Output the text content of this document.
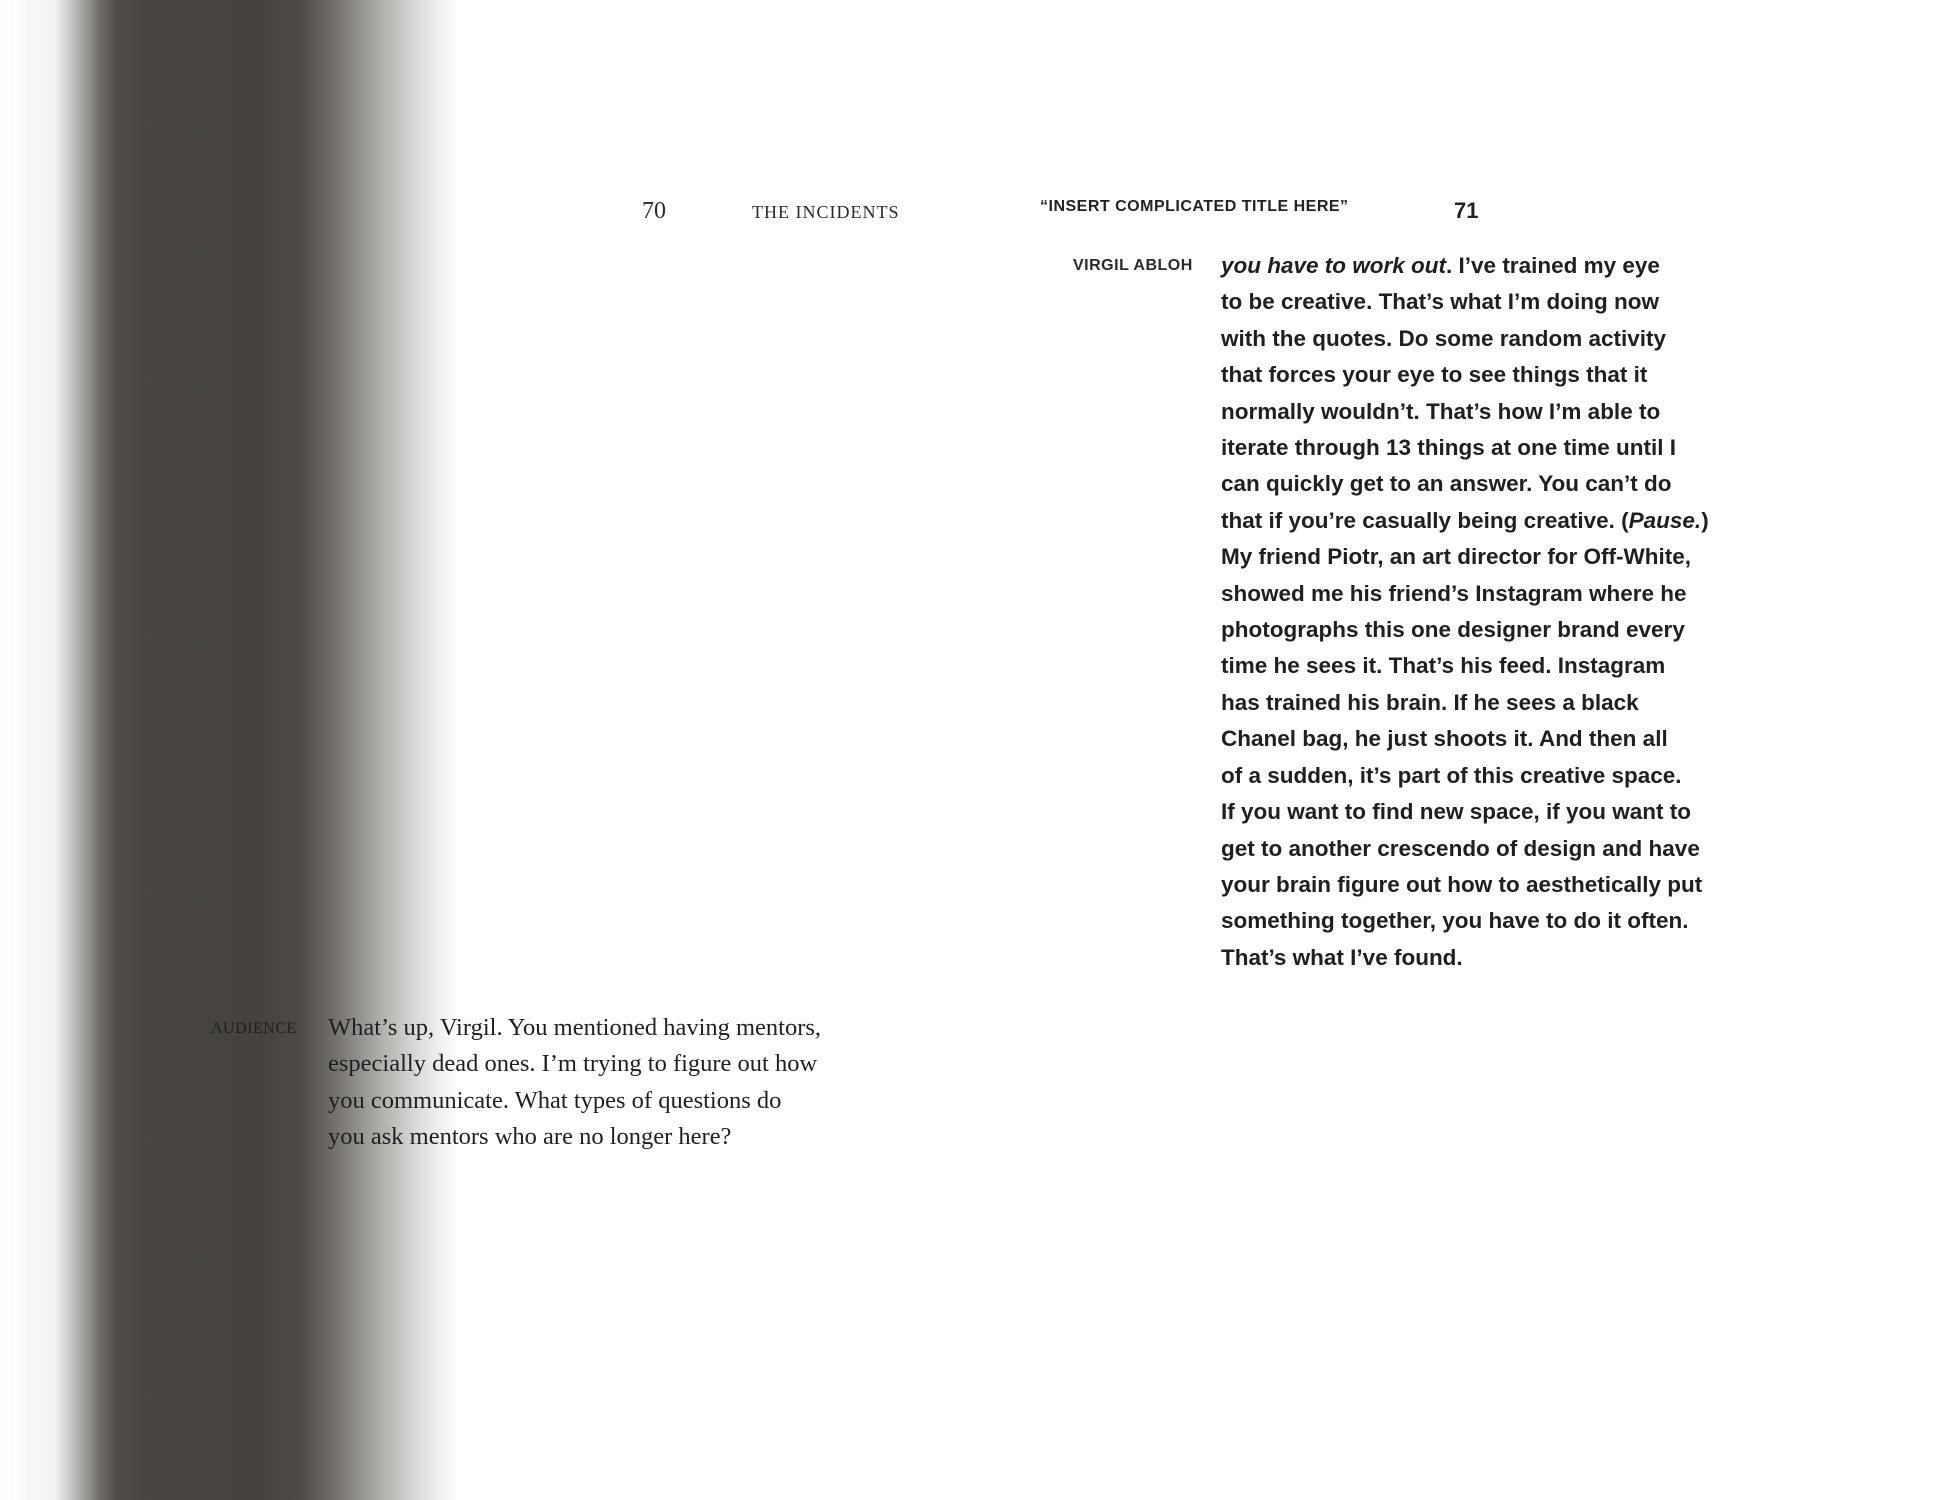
70	THE INCIDENTS
AUDIENCE What’s up, Virgil. You mentioned having mentors,
especially dead ones. I’m trying to figure out how
you communicate. What types of questions do
you ask mentors who are no longer here?

“INSERT COMPLICATED TITLE HERE”	71
VIRGIL ABLOH you have to work out. I’ve trained my eye
to be creative. That’s what I’m doing now
with the quotes. Do some random activity
that forces your eye to see things that it
normally wouldn’t. That’s how I’m able to
iterate through 13 things at one time until I
can quickly get to an answer. You can’t do
that if you’re casually being creative. (Pause.)
My friend Piotr, an art director for Off-White,
showed me his friend’s Instagram where he
photographs this one designer brand every
time he sees it. That’s his feed. Instagram
has trained his brain. If he sees a black
Chanel bag, he just shoots it. And then all
of a sudden, it’s part of this creative space.
If you want to find new space, if you want to
get to another crescendo of design and have
your brain figure out how to aesthetically put
something together, you have to do it often.
That’s what I’ve found.
